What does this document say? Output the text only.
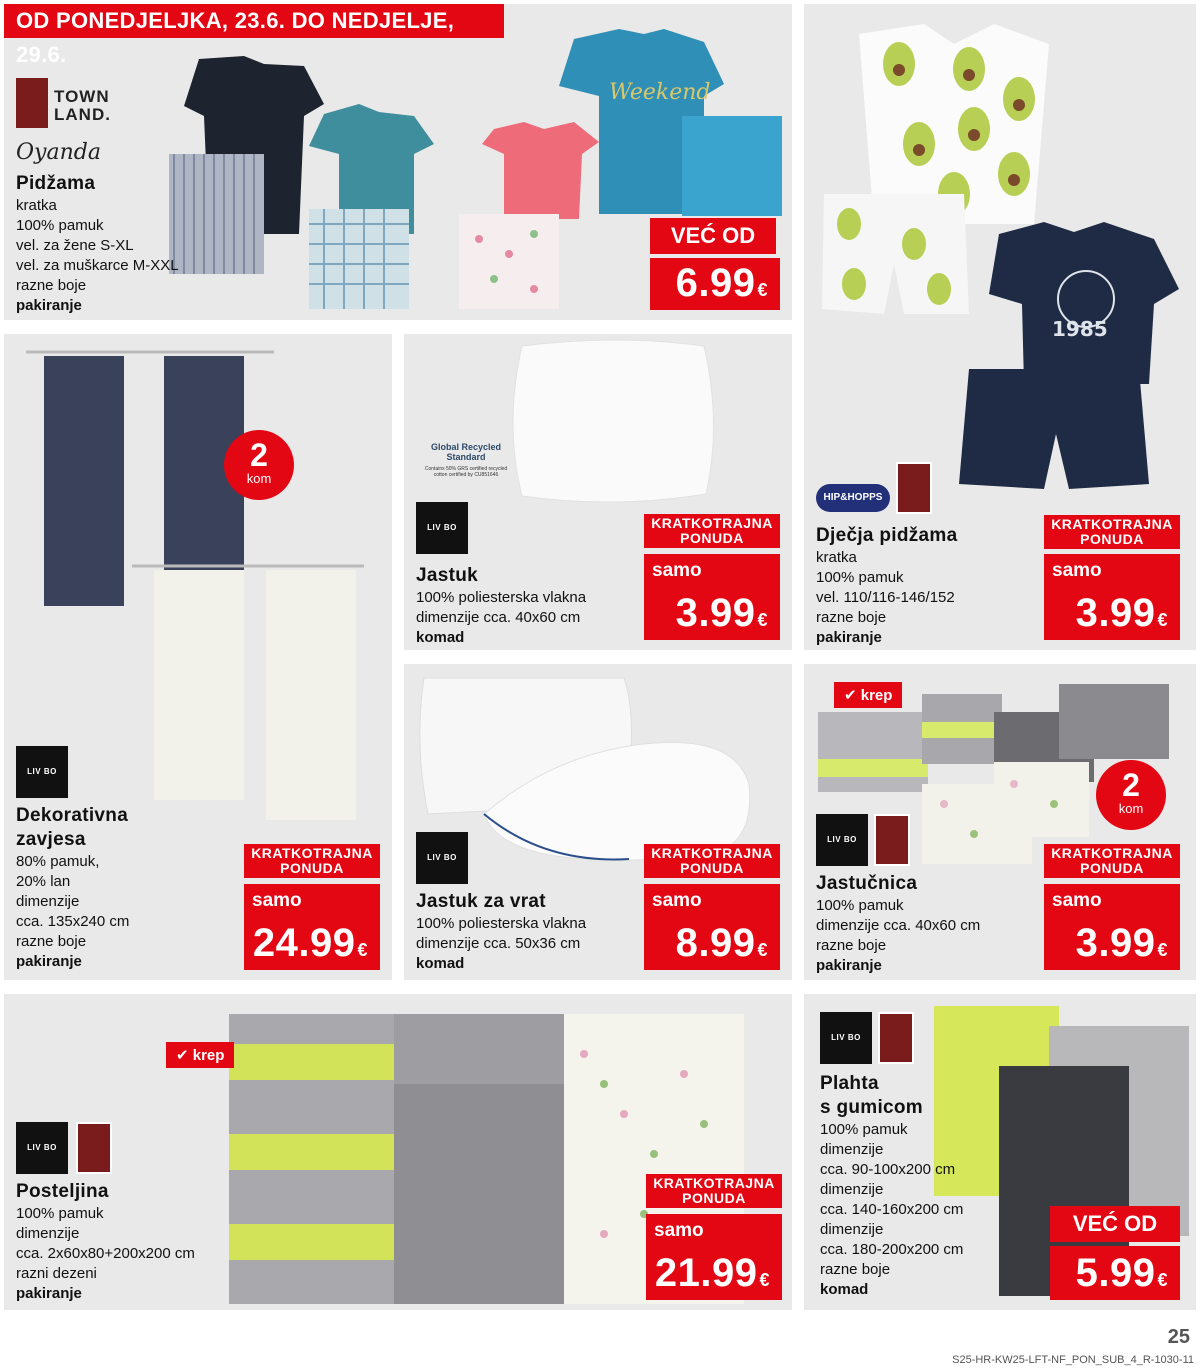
Weekend
TOWN LAND.
Oyanda

Pidžama

kratka
100% pamuk
vel. za žene S-XL
vel. za muškarce M-XXL
razne boje
pakiranje
VEĆ OD
6.99 €
OD PONEDJELJKA, 23.6. DO NEDJELJE, 29.6.
1985
HIP&HOPPS

Dječja pidžama

kratka
100% pamuk
vel. 110/116-146/152
razne boje
pakiranje
KRATKOTRAJNA PONUDA
samo
3.99 €
2
kom
LIV BO

Dekorativna

zavjesa

80% pamuk,
20% lan
dimenzije
cca. 135x240 cm
razne boje
pakiranje
KRATKOTRAJNA PONUDA
samo
24.99 €
Global Recycled Standard
Contains 50% GRS certified recycled cotton certified by CU851646
LIV BO

Jastuk

100% poliesterska vlakna
dimenzije cca. 40x60 cm
komad
KRATKOTRAJNA PONUDA
samo
3.99 €
LIV BO

Jastuk za vrat

100% poliesterska vlakna
dimenzije cca. 50x36 cm
komad
KRATKOTRAJNA PONUDA
samo
8.99 €
✔ krep
2
kom
LIV BO

Jastučnica

100% pamuk
dimenzije cca. 40x60 cm
razne boje
pakiranje
KRATKOTRAJNA PONUDA
samo
3.99 €
✔ krep
LIV BO

Posteljina

100% pamuk
dimenzije
cca. 2x60x80+200x200 cm
razni dezeni
pakiranje
KRATKOTRAJNA PONUDA
samo
21.99 €
LIV BO

Plahta

s gumicom

100% pamuk
dimenzije
cca. 90-100x200 cm
dimenzije
cca. 140-160x200 cm
dimenzije
cca. 180-200x200 cm
razne boje
komad
VEĆ OD
5.99 €
25
S25-HR-KW25-LFT-NF_PON_SUB_4_R-1030-11
